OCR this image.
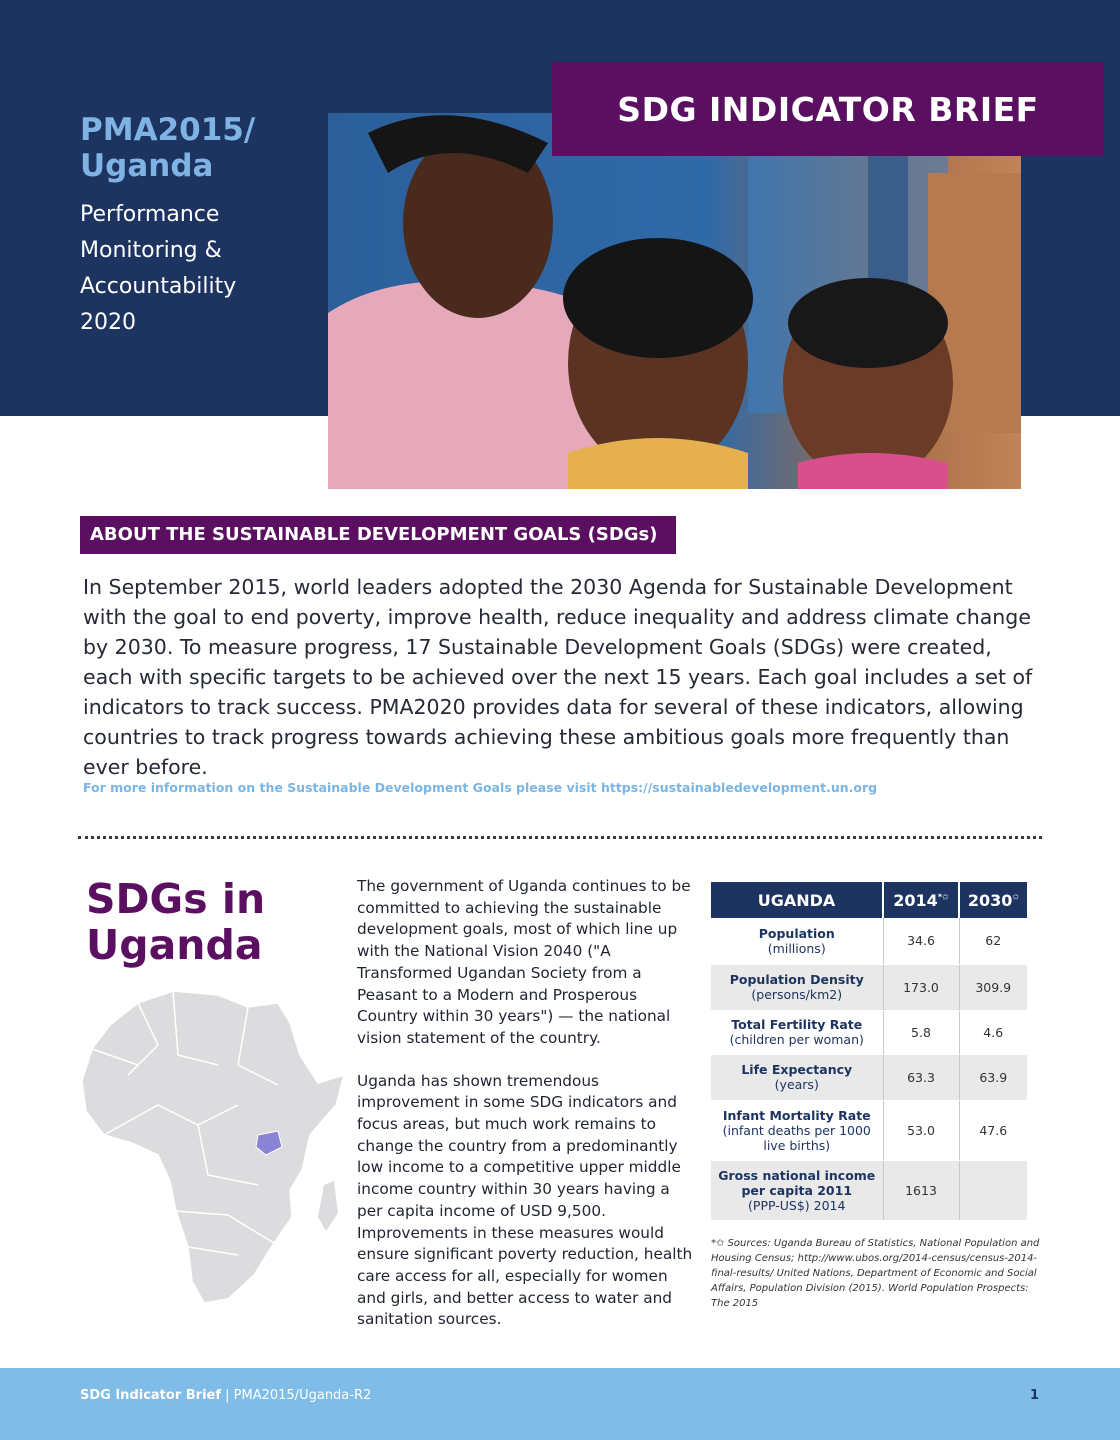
PMA2015/
Uganda
Performance
Monitoring &
Accountability
2020
SDG INDICATOR BRIEF
ABOUT THE SUSTAINABLE DEVELOPMENT GOALS (SDGs)

In September 2015, world leaders adopted the 2030 Agenda for Sustainable Development with the goal to end poverty, improve health, reduce inequality and address climate change by 2030. To measure progress, 17 Sustainable Development Goals (SDGs) were created, each with specific targets to be achieved over the next 15 years. Each goal includes a set of indicators to track success. PMA2020 provides data for several of these indicators, allowing countries to track progress towards achieving these ambitious goals more frequently than ever before.

For more information on the Sustainable Development Goals please visit https://sustainabledevelopment.un.org
SDGs in
Uganda

The government of Uganda continues to be committed to achieving the sustainable development goals, most of which line up with the National Vision 2040 ("A Transformed Ugandan Society from a Peasant to a Modern and Prosperous Country within 30 years") — the national vision statement of the country.

Uganda has shown tremendous improvement in some SDG indicators and focus areas, but much work remains to change the country from a predominantly low income to a competitive upper middle income country within 30 years having a per capita income of USD 9,500. Improvements in these measures would ensure significant poverty reduction, health care access for all, especially for women and girls, and better access to water and sanitation sources.

UGANDA	2014*✩	2030✩

Population
(millions)	34.6	62

Population Density
(persons/km2)	173.0	309.9

Total Fertility Rate
(children per woman)	5.8	4.6

Life Expectancy
(years)	63.3	63.9

Infant Mortality Rate
(infant deaths per 1000 live births)	53.0	47.6

Gross national income per capita 2011
(PPP-US$) 2014	1613	

*✩ Sources: Uganda Bureau of Statistics, National Population and Housing Census; http://www.ubos.org/2014-census/census-2014-final-results/ United Nations, Department of Economic and Social Affairs, Population Division (2015). World Population Prospects: The 2015

SDG Indicator Brief | PMA2015/Uganda-R2	1
